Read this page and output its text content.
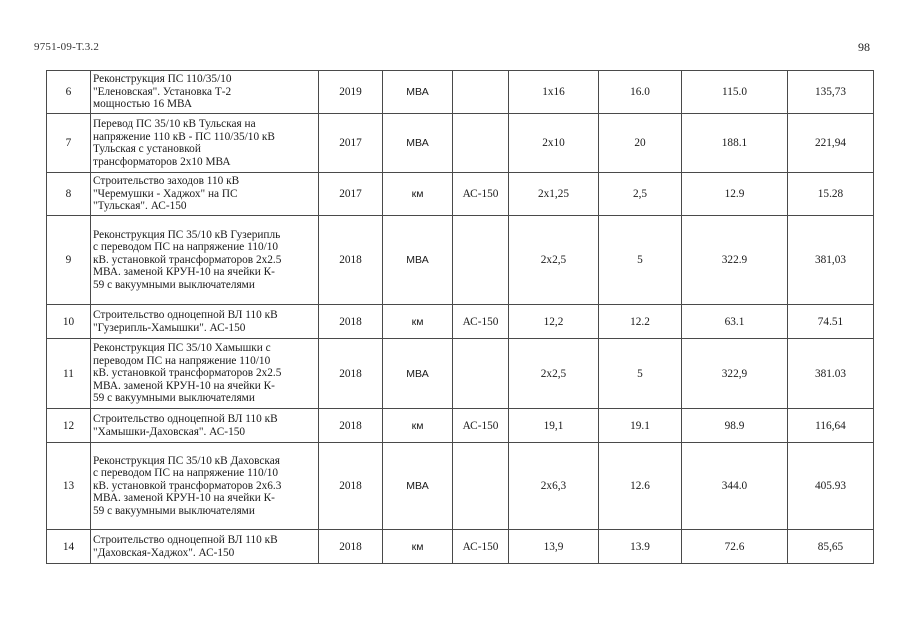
9751-09-Т.3.2	98
6	Реконструкция ПС 110/35/10
"Еленовская". Установка Т-2
мощностью 16 МВА	2019	МВА		1х16	16.0	115.0	135,73
7	Перевод ПС 35/10 кВ Тульская на
напряжение 110 кВ - ПС 110/35/10 кВ
Тульская с установкой
трансформаторов 2х10 МВА	2017	МВА		2х10	20	188.1	221,94
8	Строительство заходов 110 кВ
"Черемушки - Хаджох" на ПС
"Тульская". АС-150	2017	км	АС-150	2х1,25	2,5	12.9	15.28
9	Реконструкция ПС 35/10 кВ Гузерипль
с переводом ПС на напряжение 110/10
кВ. установкой трансформаторов 2х2.5
МВА. заменой КРУН-10 на ячейки К-
59 с вакуумными выключателями	2018	МВА		2х2,5	5	322.9	381,03
10	Строительство одноцепной ВЛ 110 кВ
"Гузерипль-Хамышки". АС-150	2018	км	АС-150	12,2	12.2	63.1	74.51
11	Реконструкция ПС 35/10 Хамышки с
переводом ПС на напряжение 110/10
кВ. установкой трансформаторов 2х2.5
МВА. заменой КРУН-10 на ячейки К-
59 с вакуумными выключателями	2018	МВА		2х2,5	5	322,9	381.03
12	Строительство одноцепной ВЛ 110 кВ
"Хамышки-Даховская". АС-150	2018	км	АС-150	19,1	19.1	98.9	116,64
13	Реконструкция ПС 35/10 кВ Даховская
с переводом ПС на напряжение 110/10
кВ. установкой трансформаторов 2х6.3
МВА. заменой КРУН-10 на ячейки К-
59 с вакуумными выключателями	2018	МВА		2х6,3	12.6	344.0	405.93
14	Строительство одноцепной ВЛ 110 кВ
"Даховская-Хаджох". АС-150	2018	км	АС-150	13,9	13.9	72.6	85,65
